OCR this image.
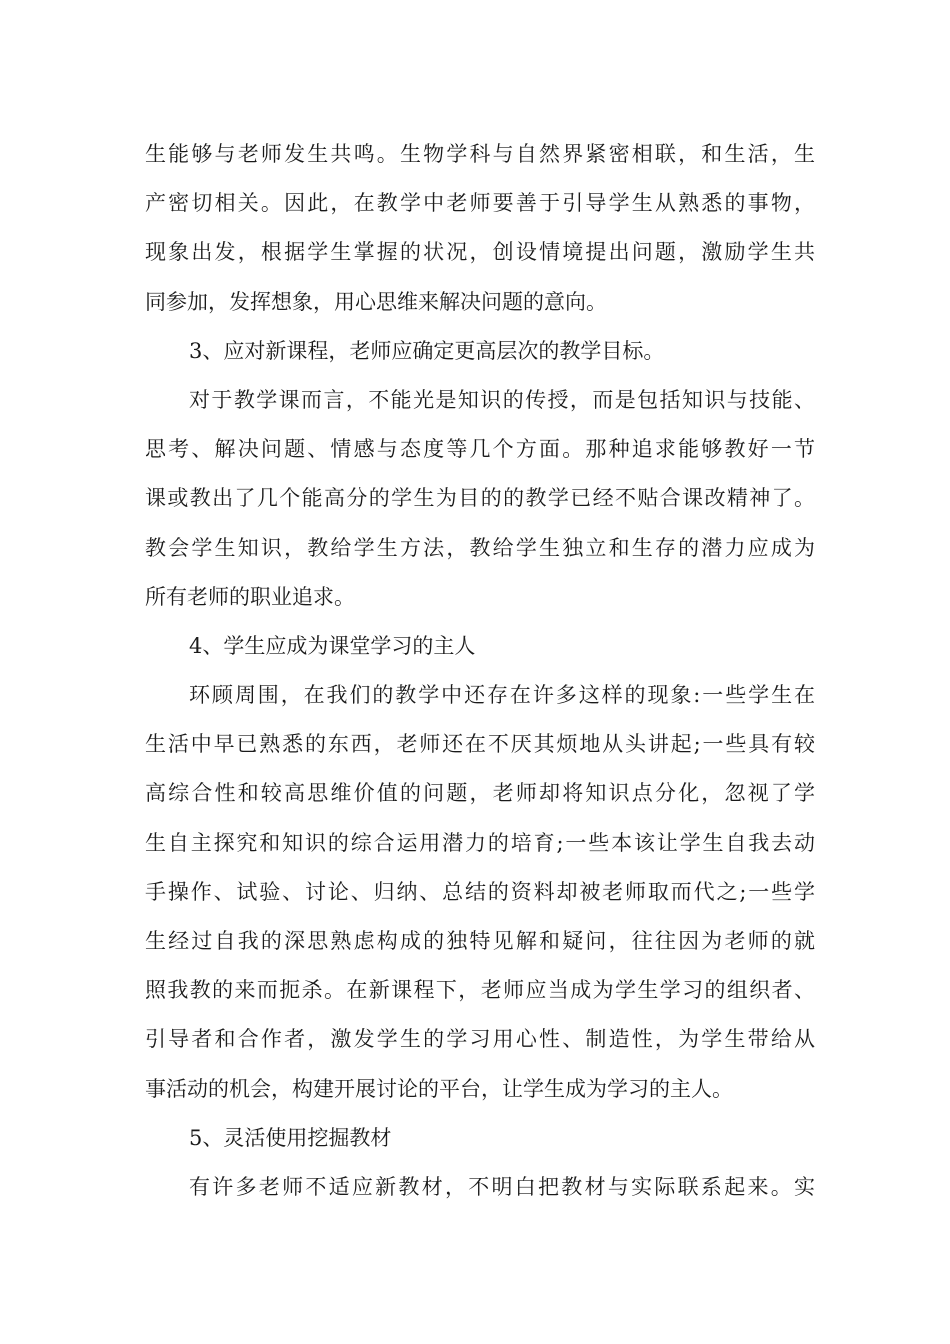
生能够与老师发生共鸣。生物学科与自然界紧密相联，和生活，生
产密切相关。因此，在教学中老师要善于引导学生从熟悉的事物，
现象出发，根据学生掌握的状况，创设情境提出问题，激励学生共
同参加，发挥想象，用心思维来解决问题的意向。
3、应对新课程，老师应确定更高层次的教学目标。
对于教学课而言，不能光是知识的传授，而是包括知识与技能、
思考、解决问题、情感与态度等几个方面。那种追求能够教好一节
课或教出了几个能高分的学生为目的的教学已经不贴合课改精神了。
教会学生知识，教给学生方法，教给学生独立和生存的潜力应成为
所有老师的职业追求。
4、学生应成为课堂学习的主人
环顾周围，在我们的教学中还存在许多这样的现象:一些学生在
生活中早已熟悉的东西，老师还在不厌其烦地从头讲起;一些具有较
高综合性和较高思维价值的问题，老师却将知识点分化，忽视了学
生自主探究和知识的综合运用潜力的培育;一些本该让学生自我去动
手操作、试验、讨论、归纳、总结的资料却被老师取而代之;一些学
生经过自我的深思熟虑构成的独特见解和疑问，往往因为老师的就
照我教的来而扼杀。在新课程下，老师应当成为学生学习的组织者、
引导者和合作者，激发学生的学习用心性、制造性，为学生带给从
事活动的机会，构建开展讨论的平台，让学生成为学习的主人。
5、灵活使用挖掘教材
有许多老师不适应新教材，不明白把教材与实际联系起来。实
